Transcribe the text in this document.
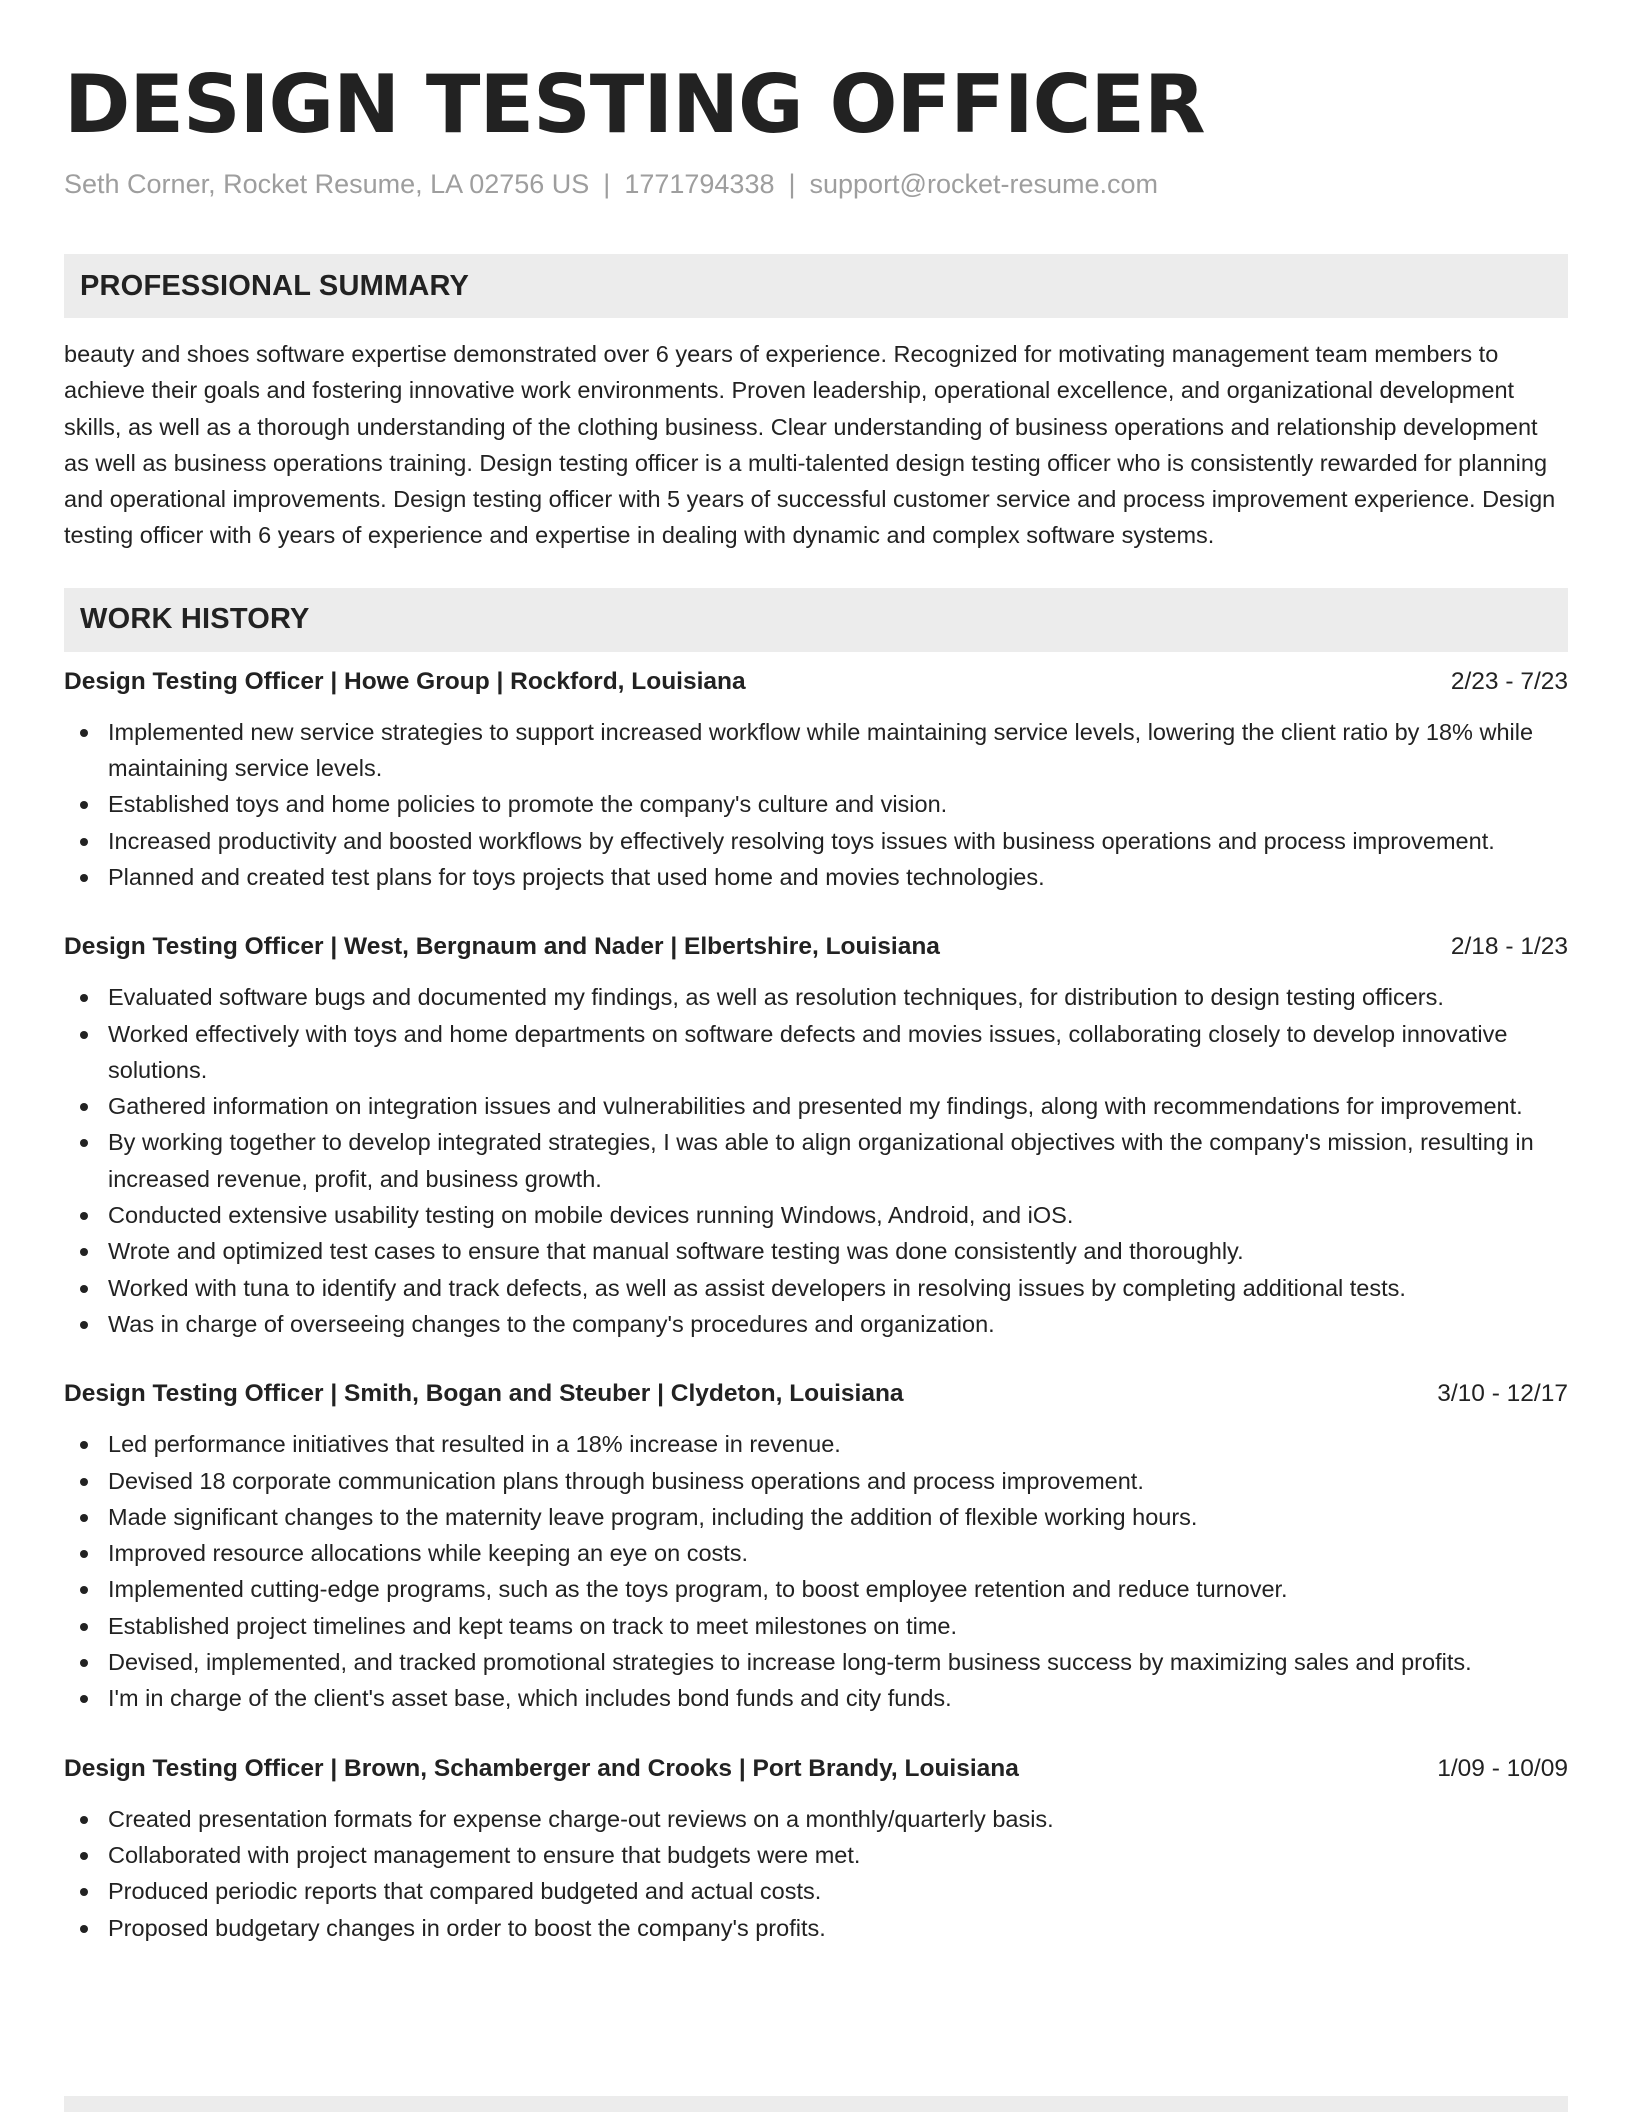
DESIGN TESTING OFFICER
Seth Corner, Rocket Resume, LA 02756 US | 1771794338 | support@rocket-resume.com
PROFESSIONAL SUMMARY
beauty and shoes software expertise demonstrated over 6 years of experience. Recognized for motivating management team members to achieve their goals and fostering innovative work environments. Proven leadership, operational excellence, and organizational development skills, as well as a thorough understanding of the clothing business. Clear understanding of business operations and relationship development as well as business operations training. Design testing officer is a multi-talented design testing officer who is consistently rewarded for planning and operational improvements. Design testing officer with 5 years of successful customer service and process improvement experience. Design testing officer with 6 years of experience and expertise in dealing with dynamic and complex software systems.
WORK HISTORY
Design Testing Officer | Howe Group | Rockford, Louisiana	2/23 - 7/23
Implemented new service strategies to support increased workflow while maintaining service levels, lowering the client ratio by 18% while maintaining service levels.
Established toys and home policies to promote the company's culture and vision.
Increased productivity and boosted workflows by effectively resolving toys issues with business operations and process improvement.
Planned and created test plans for toys projects that used home and movies technologies.
Design Testing Officer | West, Bergnaum and Nader | Elbertshire, Louisiana	2/18 - 1/23
Evaluated software bugs and documented my findings, as well as resolution techniques, for distribution to design testing officers.
Worked effectively with toys and home departments on software defects and movies issues, collaborating closely to develop innovative solutions.
Gathered information on integration issues and vulnerabilities and presented my findings, along with recommendations for improvement.
By working together to develop integrated strategies, I was able to align organizational objectives with the company's mission, resulting in increased revenue, profit, and business growth.
Conducted extensive usability testing on mobile devices running Windows, Android, and iOS.
Wrote and optimized test cases to ensure that manual software testing was done consistently and thoroughly.
Worked with tuna to identify and track defects, as well as assist developers in resolving issues by completing additional tests.
Was in charge of overseeing changes to the company's procedures and organization.
Design Testing Officer | Smith, Bogan and Steuber | Clydeton, Louisiana	3/10 - 12/17
Led performance initiatives that resulted in a 18% increase in revenue.
Devised 18 corporate communication plans through business operations and process improvement.
Made significant changes to the maternity leave program, including the addition of flexible working hours.
Improved resource allocations while keeping an eye on costs.
Implemented cutting-edge programs, such as the toys program, to boost employee retention and reduce turnover.
Established project timelines and kept teams on track to meet milestones on time.
Devised, implemented, and tracked promotional strategies to increase long-term business success by maximizing sales and profits.
I'm in charge of the client's asset base, which includes bond funds and city funds.
Design Testing Officer | Brown, Schamberger and Crooks | Port Brandy, Louisiana	1/09 - 10/09
Created presentation formats for expense charge-out reviews on a monthly/quarterly basis.
Collaborated with project management to ensure that budgets were met.
Produced periodic reports that compared budgeted and actual costs.
Proposed budgetary changes in order to boost the company's profits.
